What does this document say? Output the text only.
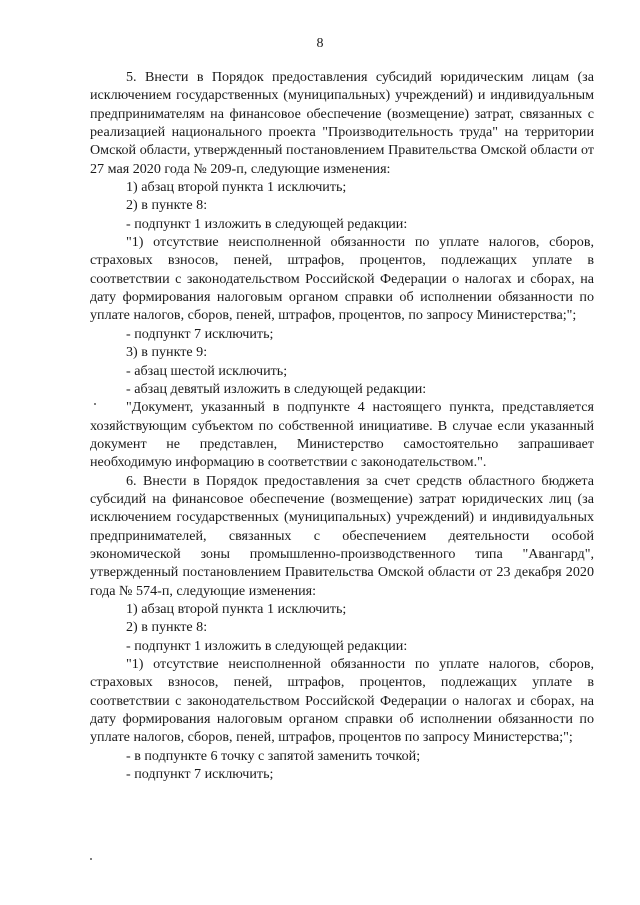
8

5. Внести в Порядок предоставления субсидий юридическим лицам (за исключением государственных (муниципальных) учреждений) и индивидуальным предпринимателям на финансовое обеспечение (возмещение) затрат, связанных с реализацией национального проекта "Производительность труда" на территории Омской области, утвержденный постановлением Правительства Омской области от 27 мая 2020 года № 209-п, следующие изменения:

1) абзац второй пункта 1 исключить;

2) в пункте 8:

- подпункт 1 изложить в следующей редакции:

"1) отсутствие неисполненной обязанности по уплате налогов, сборов, страховых взносов, пеней, штрафов, процентов, подлежащих уплате в соответствии с законодательством Российской Федерации о налогах и сборах, на дату формирования налоговым органом справки об исполнении обязанности по уплате налогов, сборов, пеней, штрафов, процентов, по запросу Министерства;";

- подпункт 7 исключить;

3) в пункте 9:

- абзац шестой исключить;

- абзац девятый изложить в следующей редакции:

"Документ, указанный в подпункте 4 настоящего пункта, представляется хозяйствующим субъектом по собственной инициативе. В случае если указанный документ не представлен, Министерство самостоятельно запрашивает необходимую информацию в соответствии с законодательством.".

6. Внести в Порядок предоставления за счет средств областного бюджета субсидий на финансовое обеспечение (возмещение) затрат юридических лиц (за исключением государственных (муниципальных) учреждений) и индивидуальных предпринимателей, связанных с обеспечением деятельности особой экономической зоны промышленно-производственного типа "Авангард", утвержденный постановлением Правительства Омской области от 23 декабря 2020 года № 574-п, следующие изменения:

1) абзац второй пункта 1 исключить;

2) в пункте 8:

- подпункт 1 изложить в следующей редакции:

"1) отсутствие неисполненной обязанности по уплате налогов, сборов, страховых взносов, пеней, штрафов, процентов, подлежащих уплате в соответствии с законодательством Российской Федерации о налогах и сборах, на дату формирования налоговым органом справки об исполнении обязанности по уплате налогов, сборов, пеней, штрафов, процентов по запросу Министерства;";

- в подпункте 6 точку с запятой заменить точкой;

- подпункт 7 исключить;
